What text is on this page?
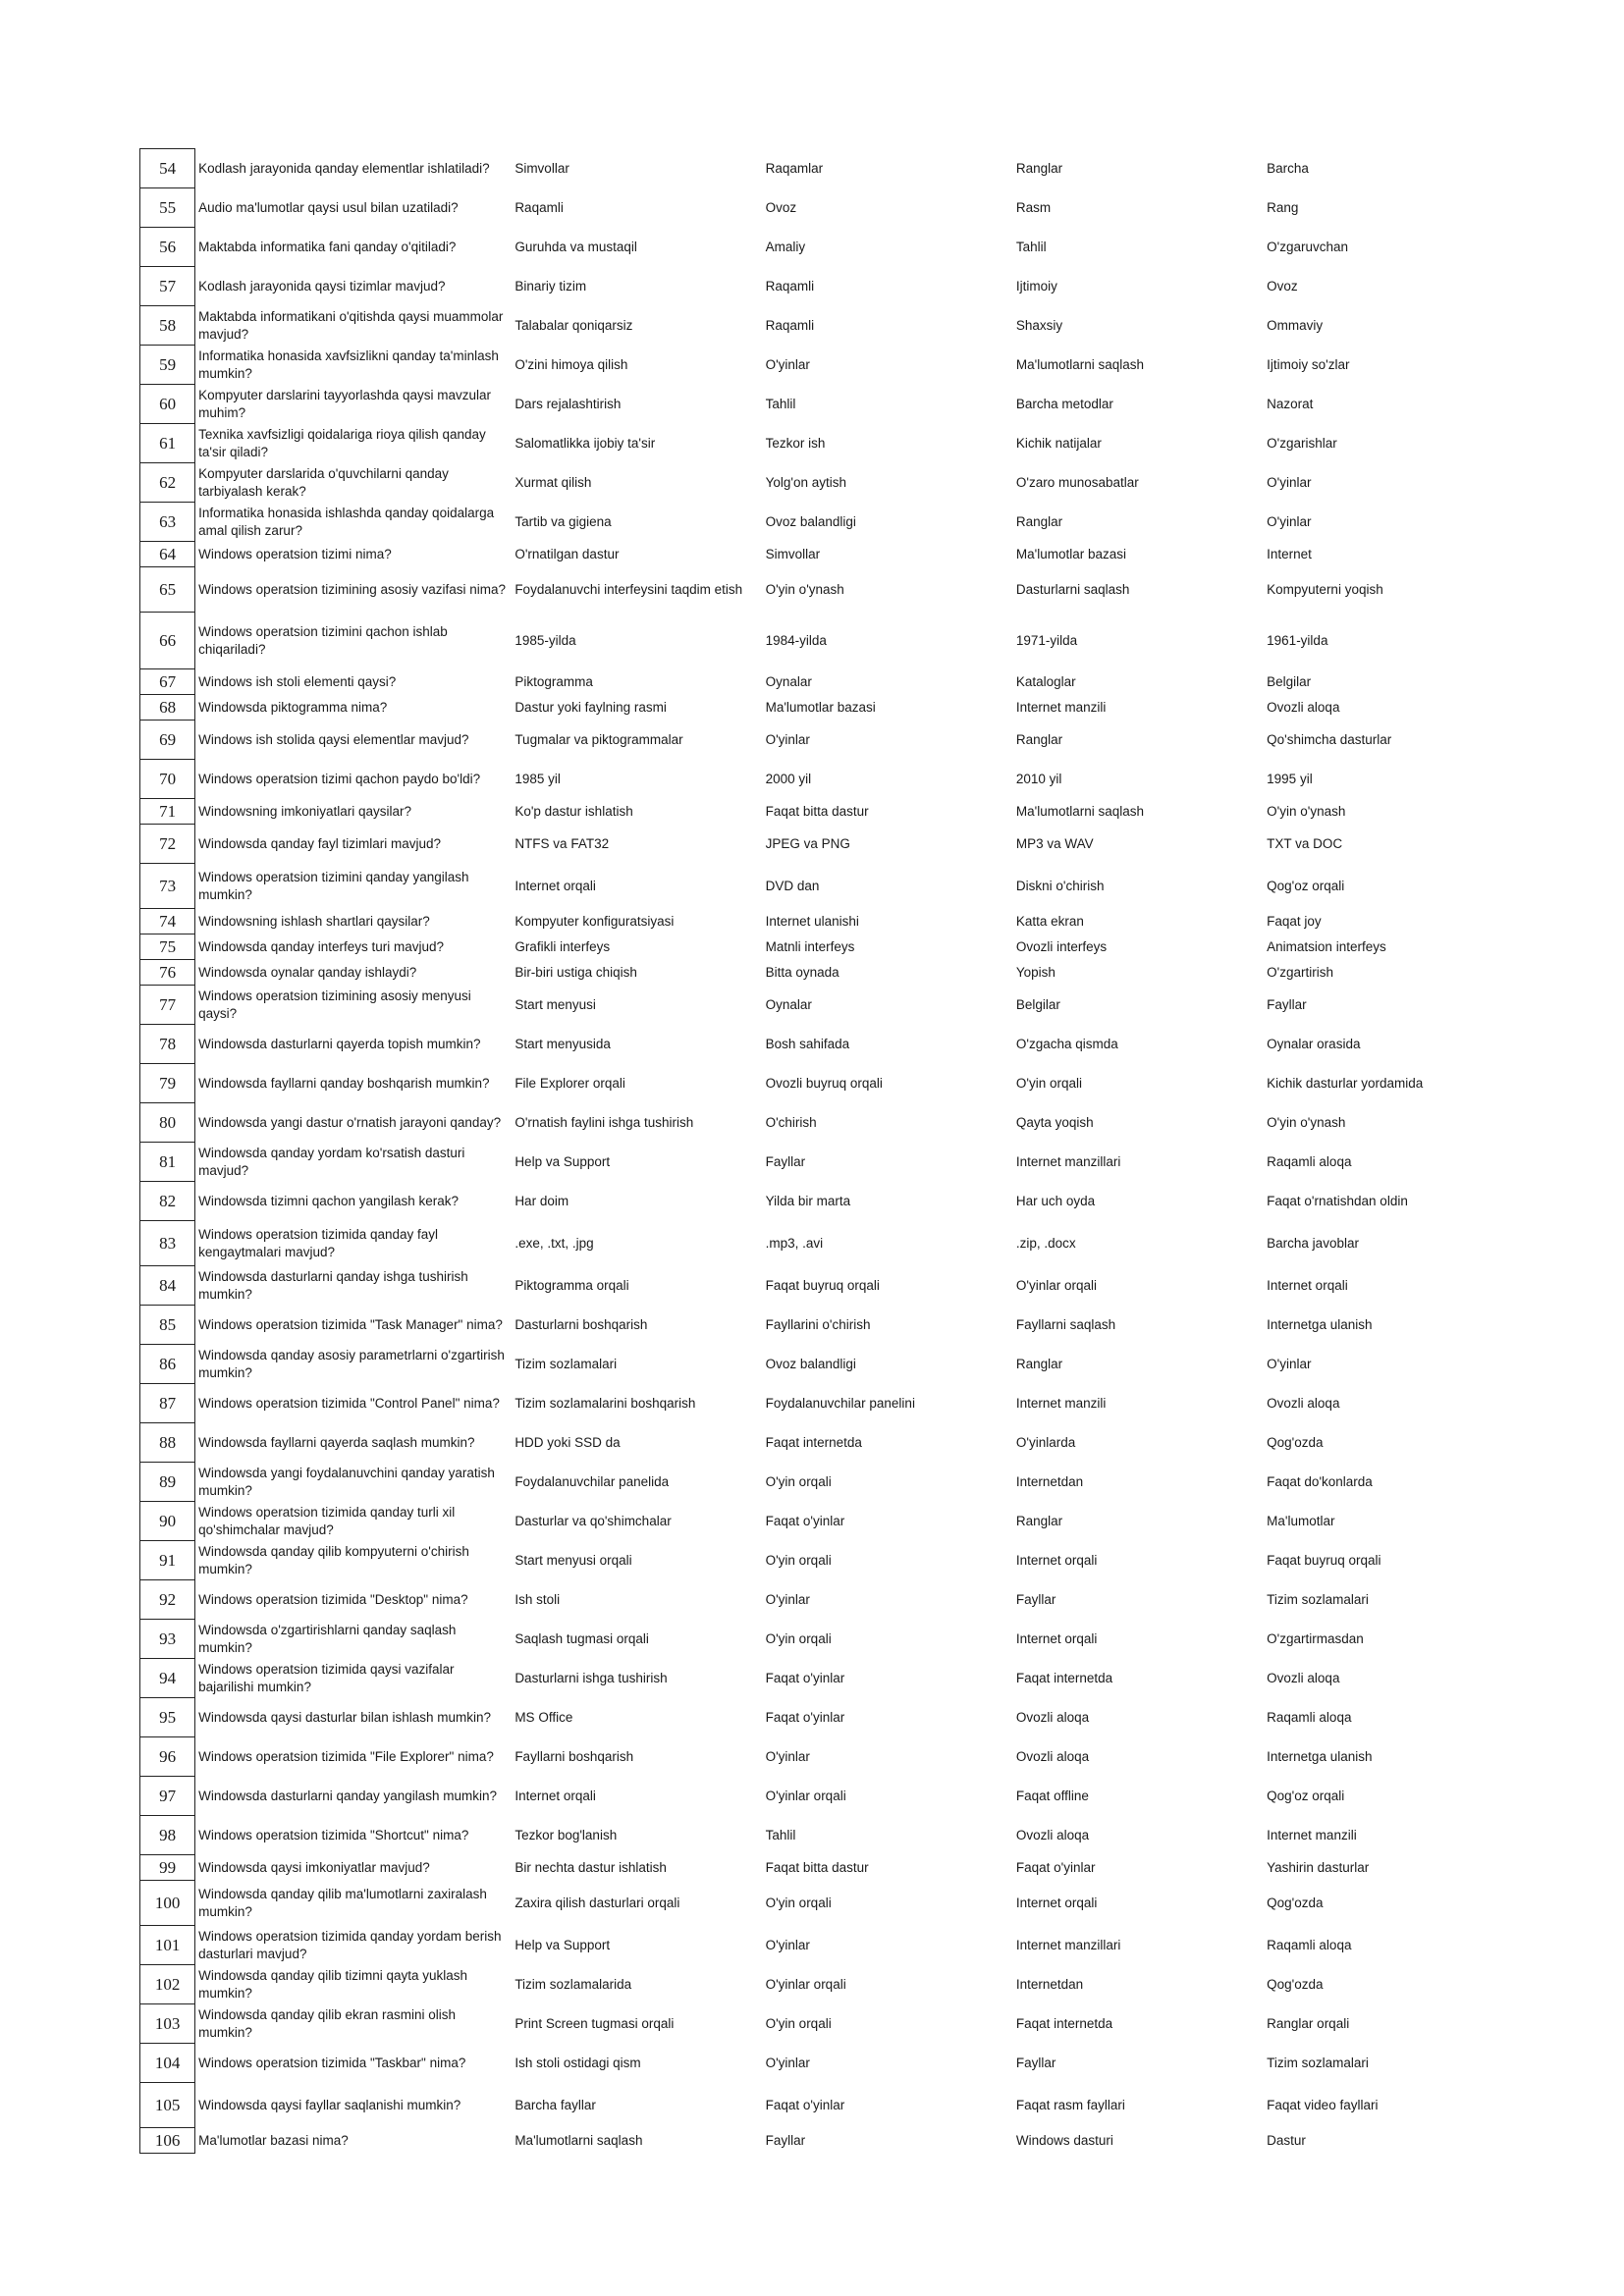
54	Kodlash jarayonida qanday elementlar ishlatiladi?	Simvollar	Raqamlar	Ranglar	Barcha
55	Audio ma'lumotlar qaysi usul bilan uzatiladi?	Raqamli	Ovoz	Rasm	Rang
56	Maktabda informatika fani qanday o'qitiladi?	Guruhda va mustaqil	Amaliy	Tahlil	O'zgaruvchan
57	Kodlash jarayonida qaysi tizimlar mavjud?	Binariy tizim	Raqamli	Ijtimoiy	Ovoz
58	Maktabda informatikani o'qitishda qaysi muammolar mavjud?	Talabalar qoniqarsiz	Raqamli	Shaxsiy	Ommaviy
59	Informatika honasida xavfsizlikni qanday ta'minlash mumkin?	O'zini himoya qilish	O'yinlar	Ma'lumotlarni saqlash	Ijtimoiy so'zlar
60	Kompyuter darslarini tayyorlashda qaysi mavzular muhim?	Dars rejalashtirish	Tahlil	Barcha metodlar	Nazorat
61	Texnika xavfsizligi qoidalariga rioya qilish qanday ta'sir qiladi?	Salomatlikka ijobiy ta'sir	Tezkor ish	Kichik natijalar	O'zgarishlar
62	Kompyuter darslarida o'quvchilarni qanday tarbiyalash kerak?	Xurmat qilish	Yolg'on aytish	O'zaro munosabatlar	O'yinlar
63	Informatika honasida ishlashda qanday qoidalarga amal qilish zarur?	Tartib va gigiena	Ovoz balandligi	Ranglar	O'yinlar
64	Windows operatsion tizimi nima?	O'rnatilgan dastur	Simvollar	Ma'lumotlar bazasi	Internet
65	Windows operatsion tizimining asosiy vazifasi nima?	Foydalanuvchi interfeysini taqdim etish	O'yin o'ynash	Dasturlarni saqlash	Kompyuterni yoqish
66	Windows operatsion tizimini qachon ishlab chiqariladi?	1985-yilda	1984-yilda	1971-yilda	1961-yilda
67	Windows ish stoli elementi qaysi?	Piktogramma	Oynalar	Kataloglar	Belgilar
68	Windowsda piktogramma nima?	Dastur yoki faylning rasmi	Ma'lumotlar bazasi	Internet manzili	Ovozli aloqa
69	Windows ish stolida qaysi elementlar mavjud?	Tugmalar va piktogrammalar	O'yinlar	Ranglar	Qo'shimcha dasturlar
70	Windows operatsion tizimi qachon paydo bo'ldi?	1985 yil	2000 yil	2010 yil	1995 yil
71	Windowsning imkoniyatlari qaysilar?	Ko'p dastur ishlatish	Faqat bitta dastur	Ma'lumotlarni saqlash	O'yin o'ynash
72	Windowsda qanday fayl tizimlari mavjud?	NTFS va FAT32	JPEG va PNG	MP3 va WAV	TXT va DOC
73	Windows operatsion tizimini qanday yangilash mumkin?	Internet orqali	DVD dan	Diskni o'chirish	Qog'oz orqali
74	Windowsning ishlash shartlari qaysilar?	Kompyuter konfiguratsiyasi	Internet ulanishi	Katta ekran	Faqat joy
75	Windowsda qanday interfeys turi mavjud?	Grafikli interfeys	Matnli interfeys	Ovozli interfeys	Animatsion interfeys
76	Windowsda oynalar qanday ishlaydi?	Bir-biri ustiga chiqish	Bitta oynada	Yopish	O'zgartirish
77	Windows operatsion tizimining asosiy menyusi qaysi?	Start menyusi	Oynalar	Belgilar	Fayllar
78	Windowsda dasturlarni qayerda topish mumkin?	Start menyusida	Bosh sahifada	O'zgacha qismda	Oynalar orasida
79	Windowsda fayllarni qanday boshqarish mumkin?	File Explorer orqali	Ovozli buyruq orqali	O'yin orqali	Kichik dasturlar yordamida
80	Windowsda yangi dastur o'rnatish jarayoni qanday?	O'rnatish faylini ishga tushirish	O'chirish	Qayta yoqish	O'yin o'ynash
81	Windowsda qanday yordam ko'rsatish dasturi mavjud?	Help va Support	Fayllar	Internet manzillari	Raqamli aloqa
82	Windowsda tizimni qachon yangilash kerak?	Har doim	Yilda bir marta	Har uch oyda	Faqat o'rnatishdan oldin
83	Windows operatsion tizimida qanday fayl kengaytmalari mavjud?	.exe, .txt, .jpg	.mp3, .avi	.zip, .docx	Barcha javoblar
84	Windowsda dasturlarni qanday ishga tushirish mumkin?	Piktogramma orqali	Faqat buyruq orqali	O'yinlar orqali	Internet orqali
85	Windows operatsion tizimida "Task Manager" nima?	Dasturlarni boshqarish	Fayllarini o'chirish	Fayllarni saqlash	Internetga ulanish
86	Windowsda qanday asosiy parametrlarni o'zgartirish mumkin?	Tizim sozlamalari	Ovoz balandligi	Ranglar	O'yinlar
87	Windows operatsion tizimida "Control Panel" nima?	Tizim sozlamalarini boshqarish	Foydalanuvchilar panelini	Internet manzili	Ovozli aloqa
88	Windowsda fayllarni qayerda saqlash mumkin?	HDD yoki SSD da	Faqat internetda	O'yinlarda	Qog'ozda
89	Windowsda yangi foydalanuvchini qanday yaratish mumkin?	Foydalanuvchilar panelida	O'yin orqali	Internetdan	Faqat do'konlarda
90	Windows operatsion tizimida qanday turli xil qo'shimchalar mavjud?	Dasturlar va qo'shimchalar	Faqat o'yinlar	Ranglar	Ma'lumotlar
91	Windowsda qanday qilib kompyuterni o'chirish mumkin?	Start menyusi orqali	O'yin orqali	Internet orqali	Faqat buyruq orqali
92	Windows operatsion tizimida "Desktop" nima?	Ish stoli	O'yinlar	Fayllar	Tizim sozlamalari
93	Windowsda o'zgartirishlarni qanday saqlash mumkin?	Saqlash tugmasi orqali	O'yin orqali	Internet orqali	O'zgartirmasdan
94	Windows operatsion tizimida qaysi vazifalar bajarilishi mumkin?	Dasturlarni ishga tushirish	Faqat o'yinlar	Faqat internetda	Ovozli aloqa
95	Windowsda qaysi dasturlar bilan ishlash mumkin?	MS Office	Faqat o'yinlar	Ovozli aloqa	Raqamli aloqa
96	Windows operatsion tizimida "File Explorer" nima?	Fayllarni boshqarish	O'yinlar	Ovozli aloqa	Internetga ulanish
97	Windowsda dasturlarni qanday yangilash mumkin?	Internet orqali	O'yinlar orqali	Faqat offline	Qog'oz orqali
98	Windows operatsion tizimida "Shortcut" nima?	Tezkor bog'lanish	Tahlil	Ovozli aloqa	Internet manzili
99	Windowsda qaysi imkoniyatlar mavjud?	Bir nechta dastur ishlatish	Faqat bitta dastur	Faqat o'yinlar	Yashirin dasturlar
100	Windowsda qanday qilib ma'lumotlarni zaxiralash mumkin?	Zaxira qilish dasturlari orqali	O'yin orqali	Internet orqali	Qog'ozda
101	Windows operatsion tizimida qanday yordam berish dasturlari mavjud?	Help va Support	O'yinlar	Internet manzillari	Raqamli aloqa
102	Windowsda qanday qilib tizimni qayta yuklash mumkin?	Tizim sozlamalarida	O'yinlar orqali	Internetdan	Qog'ozda
103	Windowsda qanday qilib ekran rasmini olish mumkin?	Print Screen tugmasi orqali	O'yin orqali	Faqat internetda	Ranglar orqali
104	Windows operatsion tizimida "Taskbar" nima?	Ish stoli ostidagi qism	O'yinlar	Fayllar	Tizim sozlamalari
105	Windowsda qaysi fayllar saqlanishi mumkin?	Barcha fayllar	Faqat o'yinlar	Faqat rasm fayllari	Faqat video fayllari
106	Ma'lumotlar bazasi nima?	Ma'lumotlarni saqlash	Fayllar	Windows dasturi	Dastur
